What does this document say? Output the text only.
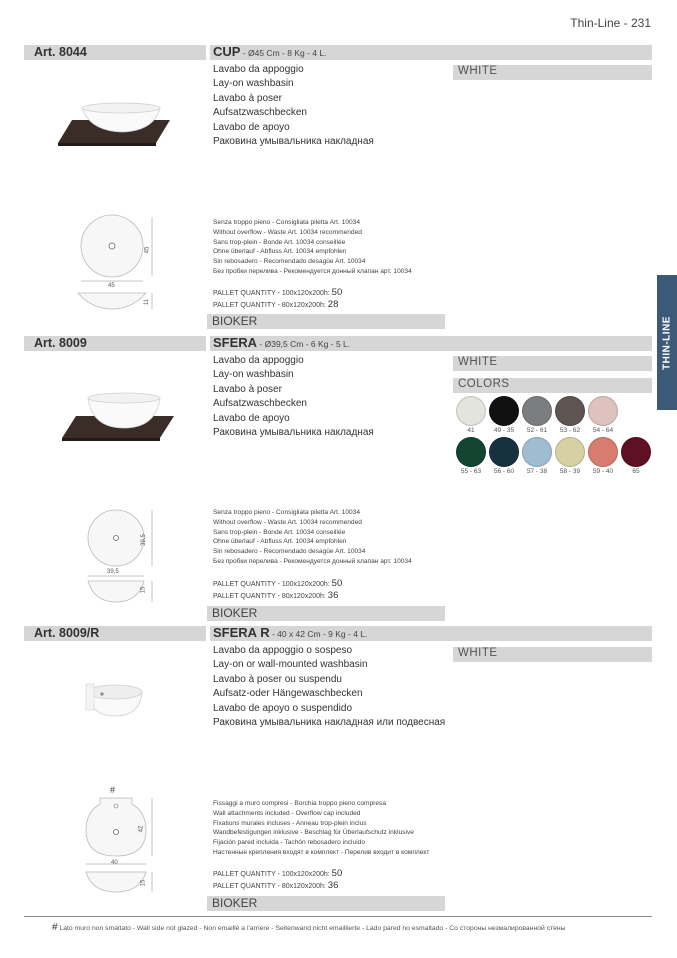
Thin-Line - 231
THIN-LINE
Art. 8044	CUP - Ø45 Cm - 8 Kg - 4 L.
Lavabo da appoggio
Lay-on washbasin
Lavabo à poser
Aufsatzwaschbecken
Lavabo de apoyo
Раковина умывальника накладная
WHITE
45
45
11
Senza troppo pieno - Consigliata piletta Art. 10034
Without overflow - Waste Art. 10034 recommended
Sans trop-plein - Bonde Art. 10034 conseillée
Ohne überlauf - Abfluss Art. 10034 empfohlen
Sin rebosadero - Recomendado desagüe Art. 10034
Без пробки перелива - Рекомендуется донный клапан арт. 10034
PALLET QUANTITY - 100x120x200h: 50
PALLET QUANTITY - 80x120x200h: 28
BIOKER
Art. 8009	SFERA - Ø39,5 Cm - 6 Kg - 5 L.
Lavabo da appoggio
Lay-on washbasin
Lavabo à poser
Aufsatzwaschbecken
Lavabo de apoyo
Раковина умывальника накладная
WHITE
COLORS
41	49 - 35	52 - 61	53 - 62	54 - 64
55 - 63	56 - 60	57 - 38	58 - 39	59 - 40	65
39,5
39,5
15
Senza troppo pieno - Consigliata piletta Art. 10034
Without overflow - Waste Art. 10034 recommended
Sans trop-plein - Bonde Art. 10034 conseillée
Ohne überlauf - Abfluss Art. 10034 empfohlen
Sin rebosadero - Recomendado desagüe Art. 10034
Без пробки перелива - Рекомендуется донный клапан арт. 10034
PALLET QUANTITY - 100x120x200h: 50
PALLET QUANTITY - 80x120x200h: 36
BIOKER
Art. 8009/R	SFERA R - 40 x 42 Cm - 9 Kg - 4 L.
Lavabo da appoggio o sospeso
Lay-on or wall-mounted washbasin
Lavabo à poser ou suspendu
Aufsatz-oder Hängewaschbecken
Lavabo de apoyo o suspendido
Раковина умывальника накладная или подвесная
WHITE
#
42
40
15
Fissaggi a muro compresi - Borchia troppo pieno compresa
Wall attachments included - Overflow cap included
Fixations murales incluses - Anneau trop-plein inclus
Wandbefestigungen inklusive - Beschlag für Überlaufschutz inklusive
Fijación pared incluida - Tachón rebosadero incluido
Настенные крепления входят в комплект - Перелив входит в комплект
PALLET QUANTITY - 100x120x200h: 50
PALLET QUANTITY - 80x120x200h: 36
BIOKER
# Lato muro non smaltato - Wall side not glazed - Non emaillé a l'arriere - Seitenwand nicht emaillierte - Lado pared no esmaltado - Со стороны незмалированной стены
